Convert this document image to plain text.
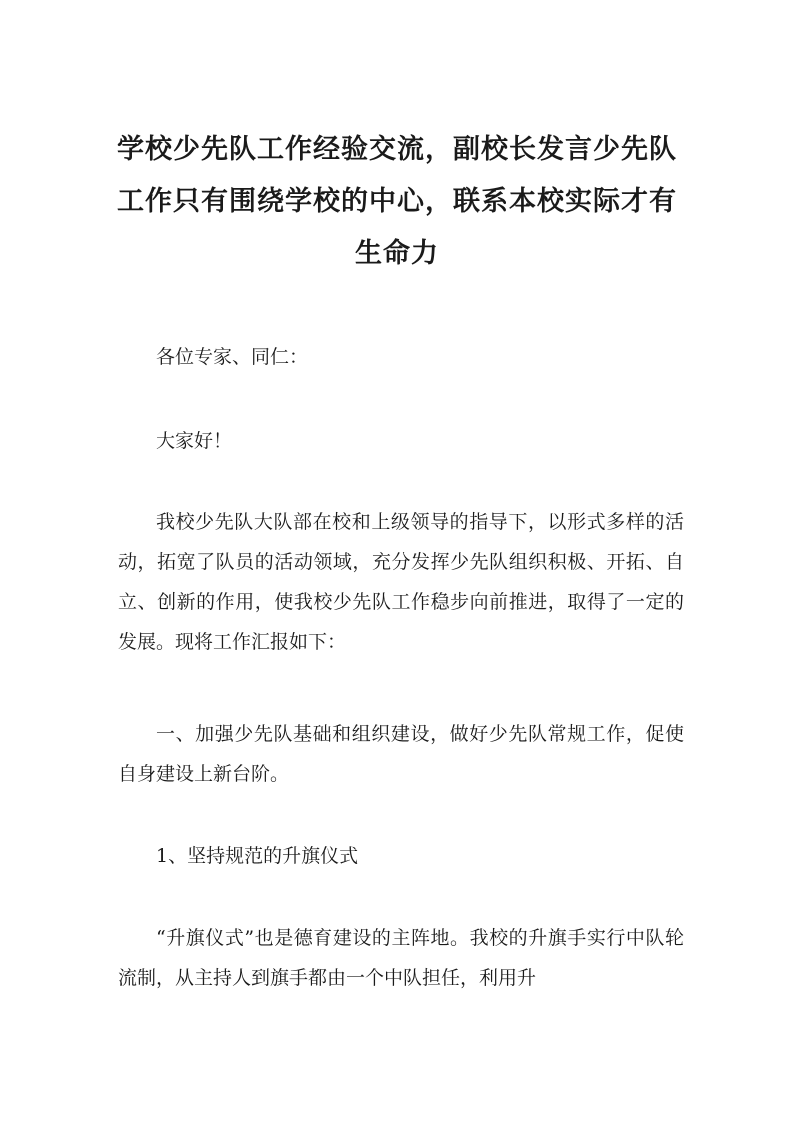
学校少先队工作经验交流，副校长发言少先队工作只有围绕学校的中心，联系本校实际才有生命力

各位专家、同仁：

大家好！

我校少先队大队部在校和上级领导的指导下，以形式多样的活动，拓宽了队员的活动领域，充分发挥少先队组织积极、开拓、自立、创新的作用，使我校少先队工作稳步向前推进，取得了一定的发展。现将工作汇报如下：

一、加强少先队基础和组织建设，做好少先队常规工作，促使自身建设上新台阶。

1、坚持规范的升旗仪式

“升旗仪式”也是德育建设的主阵地。我校的升旗手实行中队轮流制，从主持人到旗手都由一个中队担任，利用升
